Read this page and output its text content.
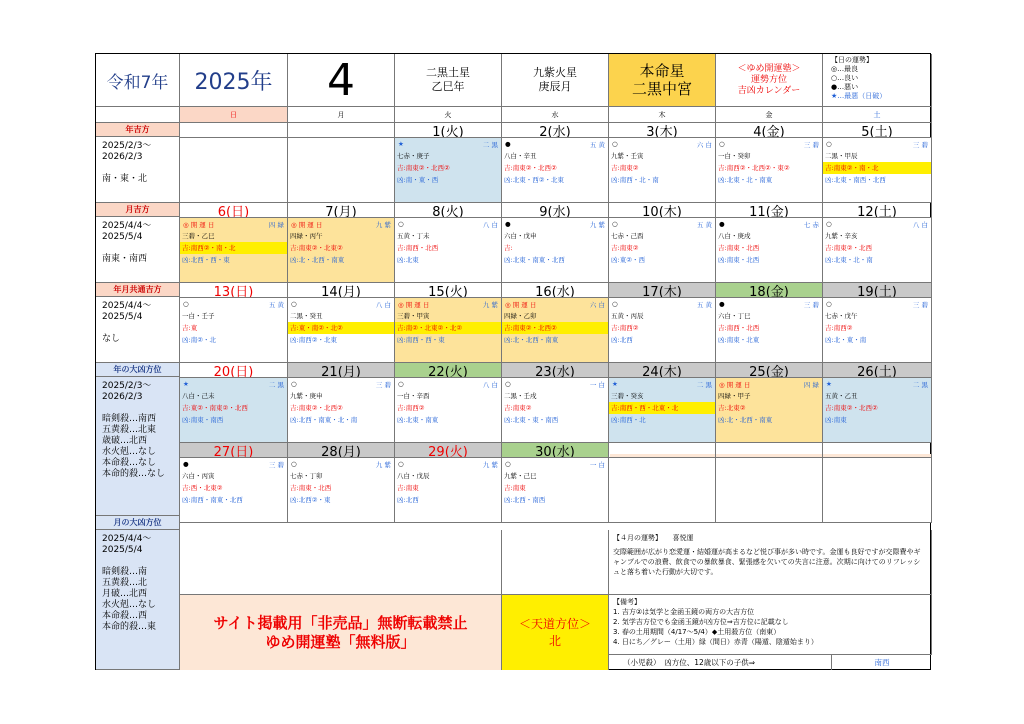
令和7年	2025年	4	二黒土星
乙巳年
九紫火星
庚辰月
本命星
二黒中宮
＜ゆめ開運塾＞
運勢方位
吉凶カレンダー
【日の運勢】
◎…最良
○…良い
●…悪い
★…最悪（日破）
サイト掲載用「非売品」無断転載禁止
ゆめ開運塾「無料版」
＜天道方位＞
北
【４月の運勢】　　 喜悦運
交際範囲が広がり恋愛運・結婚運が高まるなど悦び事が多い時です。金運も良好ですが交際費やギャンブルでの浪費、飲食での暴飲暴食、緊張感を欠いての失言に注意。次期に向けてのリフレッシュと落ち着いた行動が大切です。
【備考】
1. 吉方②は気学と金函玉鏡の両方の大吉方位
2. 気学吉方位でも金函玉鏡が凶方位⇒吉方位に記載なし
3. 春の土用期間（4/17～5/4）◆土用殺方位（南東）
4. 日にち／グレー（土用）緑（間日）赤青（陽遁、陰遁始まり）
（小児殺）　凶方位、12歳以下の子供⇒	南西
日	月	火	水	木	金	土
年吉方
2025/2/3～
2026/2/3

南・東・北
月吉方
2025/4/4～
2025/5/4

南東・南西
年月共通吉方
2025/4/4～
2025/5/4

なし
年の大凶方位
2025/2/3～
2026/2/3

暗剣殺…南西
五黄殺…北東
歳破…北西
水火剋…なし
本命殺…なし
本命的殺…なし
月の大凶方位
2025/4/4～
2025/5/4

暗剣殺…南
五黄殺…北
月破…北西
水火剋…なし
本命殺…西
本命的殺…東
1(火)
★	二 黒
七赤・庚子
吉:南東②・北西②
凶:南・東・西
2(水)
●	五 黄
八白・辛丑
吉:南東②・北西②
凶:北東・西②・北東
3(木)
○	六 白
九紫・壬寅
吉:南東②
凶:南西・北・南
4(金)
○	三 碧
一白・癸卯
吉:南西②・北西②・東②
凶:北東・北・南東
5(土)
○	三 碧
二黒・甲辰
吉:南東②・南・北
凶:北東・南西・北西
6(日)
◎ 開 運 日	四 緑
三碧・乙巳
吉:南西②・南・北
凶:北西・西・東
7(月)
◎ 開 運 日	九 紫
四緑・丙午
吉:南東②・北東②
凶:北・北西・南東
8(火)
○	八 白
五黄・丁未
吉:南西・北西
凶:北東
9(水)
●	九 紫
六白・戊申
吉:
凶:北東・南東・北西
10(木)
○	五 黄
七赤・己酉
吉:南東②
凶:東②・西
11(金)
●	七 赤
八白・庚戌
吉:南東・北西
凶:南東・北西
12(土)
○	八 白
九紫・辛亥
吉:南東②・北西
凶:北東・北・南
13(日)
○	五 黄
一白・壬子
吉:東
凶:南②・北
14(月)
○	八 白
二黒・癸丑
吉:東・南②・北②
凶:南西②・北東
15(火)
◎ 開 運 日	九 紫
三碧・甲寅
吉:南②・北東②・北②
凶:南西・西・東
16(水)
◎ 開 運 日	六 白
四緑・乙卯
吉:南東②・北西②
凶:北・北西・南東
17(木)
○	五 黄
五黄・丙辰
吉:南西②
凶:北西
18(金)
●	三 碧
六白・丁巳
吉:南西・北西
凶:南東・北東
19(土)
○	三 碧
七赤・戊午
吉:南西②
凶:北・東・南
20(日)
★	二 黒
八白・己未
吉:東②・南東②・北西
凶:南東・南西
21(月)
○	三 碧
九紫・庚申
吉:南東②・北西②
凶:北西・南東・北・南
22(火)
○	八 白
一白・辛酉
吉:南西②
凶:北東・南東
23(水)
○	一 白
二黒・壬戌
吉:南東②
凶:北東・東・南西
24(木)
★	二 黒
三碧・癸亥
吉:南西・西・北東・北
凶:南西・北
25(金)
◎ 開 運 日	四 緑
四緑・甲子
吉:北東②
凶:北・北西・南東
26(土)
★	二 黒
五黄・乙丑
吉:南東②・北西②
凶:南東
27(日)
●	三 碧
六白・丙寅
吉:西・北東②
凶:南西・南東・北西
28(月)
○	九 紫
七赤・丁卯
吉:南東・北西
凶:北西②・東
29(火)
○	九 紫
八白・戊辰
吉:南東
凶:北西
30(水)
○	一 白
九紫・己巳
吉:南東
凶:北西・南西
